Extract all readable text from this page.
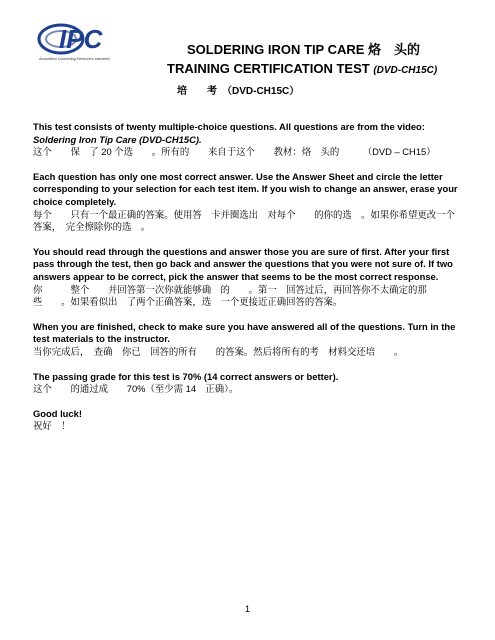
IPC
Association Connecting Electronics Industries
SOLDERING IRON TIP CARE 烙　头的
TRAINING CERTIFICATION TEST (DVD-CH15C)
培　　考　（DVD-CH15C）

This test consists of twenty multiple-choice questions. All questions are from the video: Soldering Iron Tip Care (DVD-CH15C).

这个　　保　了 20 个选　　。所有的　　来自于这个　　教材：烙　头的　　　（DVD – CH15）

Each question has only one most correct answer. Use the Answer Sheet and circle the letter corresponding to your selection for each test item. If you wish to change an answer, erase your choice completely.

每个　　只有一个最正确的答案。使用答　卡并圈选出　对每个　　的你的选　。如果你希望更改一个答案，　完全擦除你的选　。

You should read through the questions and answer those you are sure of first. After your first pass through the test, then go back and answer the questions that you were not sure of. If two answers appear to be correct, pick the answer that seems to be the most correct response.

你　　　整个　　并回答第一次你就能够确　的　　。第一　回答过后，再回答你不太确定的那些　　。如果看似出　了两个正确答案，选　一个更接近正确回答的答案。

When you are finished, check to make sure you have answered all of the questions. Turn in the test materials to the instructor.

当你完成后，　查确　你已　回答的所有　　的答案。然后将所有的考　材料交还培　　。

The passing grade for this test is 70% (14 correct answers or better).

这个　　的通过成　　70%（至少需 14　正确）。

Good luck!

祝好　！

1
